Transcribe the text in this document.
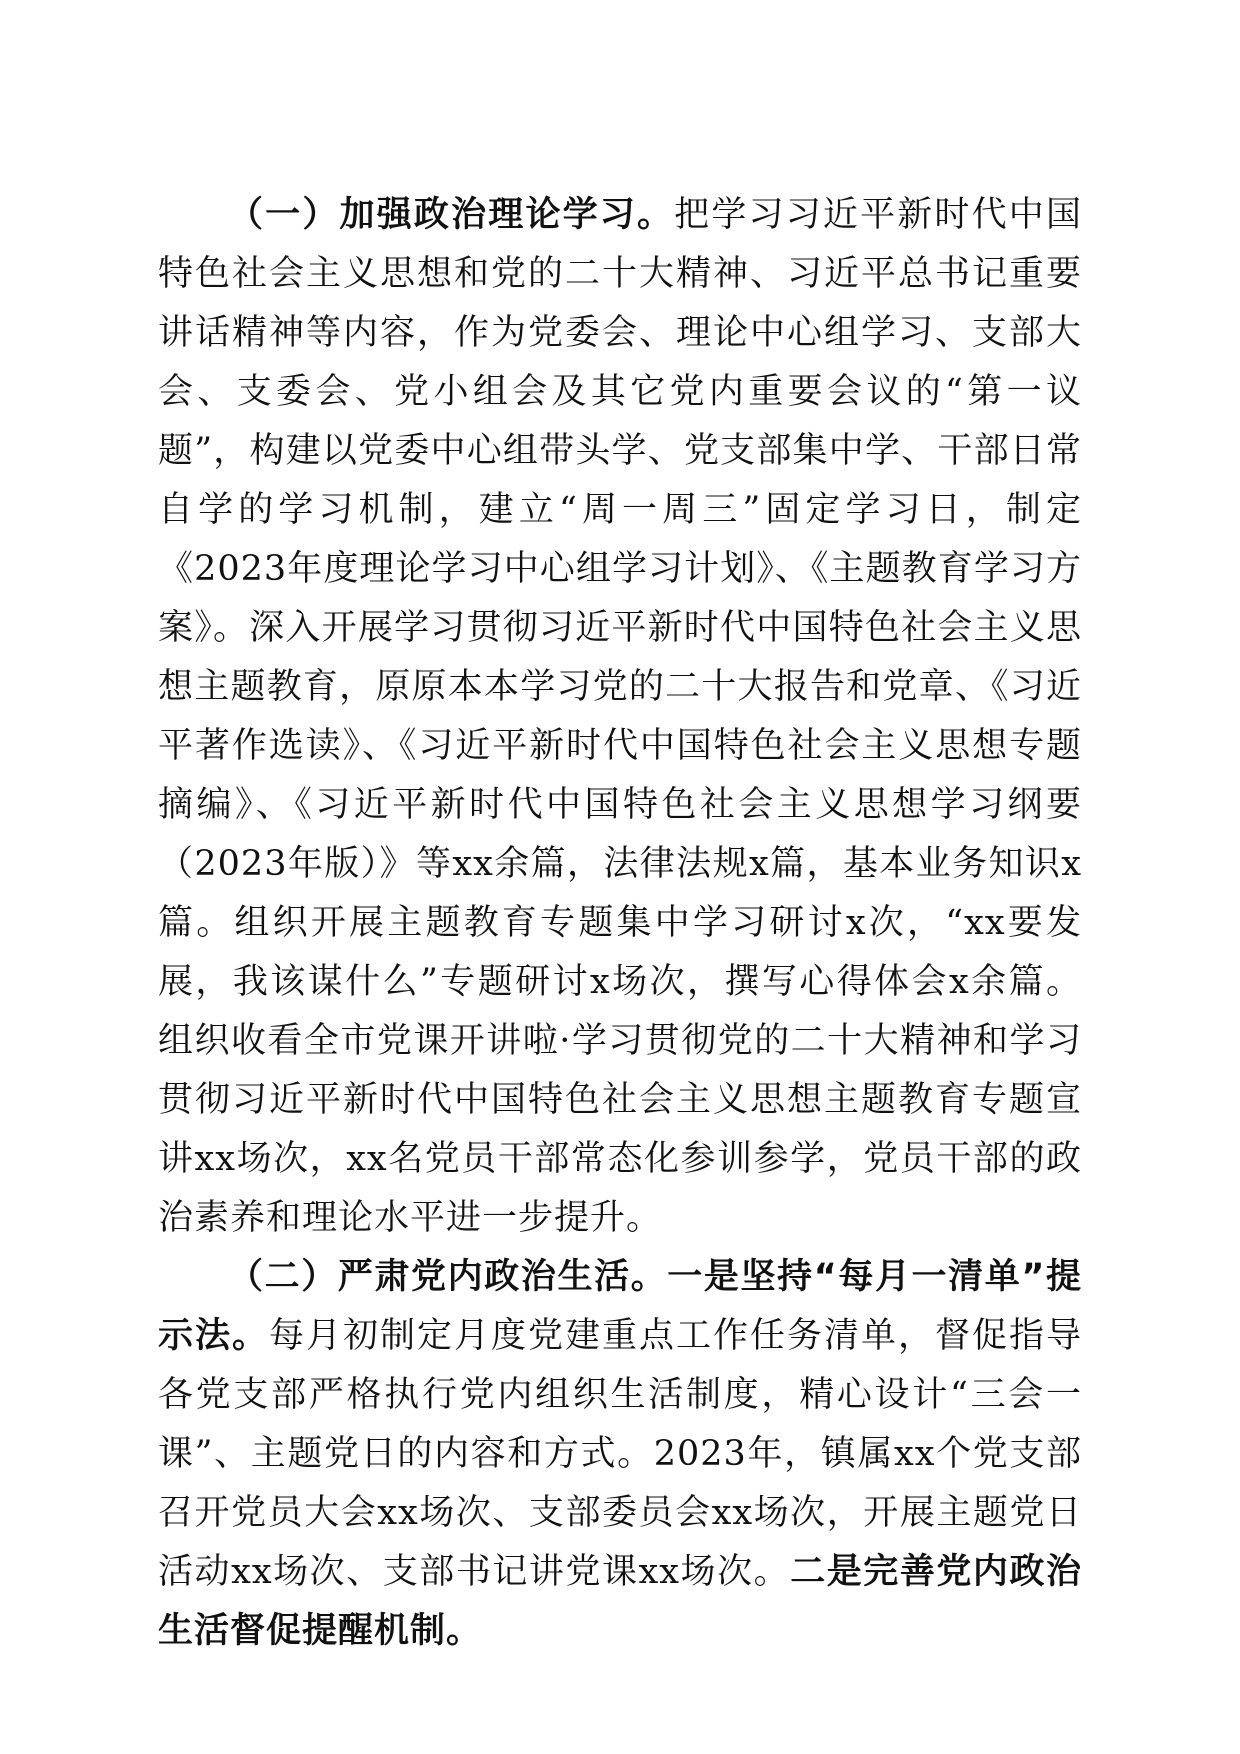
（一）加强政治理论学习。把学习习近平新时代中国特色社会主义思想和党的二十大精神、习近平总书记重要讲话精神等内容，作为党委会、理论中心组学习、支部大会、支委会、党小组会及其它党内重要会议的“第一议题”，构建以党委中心组带头学、党支部集中学、干部日常自学的学习机制，建立“周一周三”固定学习日，制定《2023年度理论学习中心组学习计划》、《主题教育学习方案》。深入开展学习贯彻习近平新时代中国特色社会主义思想主题教育，原原本本学习党的二十大报告和党章、《习近平著作选读》、《习近平新时代中国特色社会主义思想专题摘编》、《习近平新时代中国特色社会主义思想学习纲要（2023年版）》等xx余篇，法律法规x篇，基本业务知识x篇。组织开展主题教育专题集中学习研讨x次，“xx要发展，我该谋什么”专题研讨x场次，撰写心得体会x余篇。组织收看全市党课开讲啦·学习贯彻党的二十大精神和学习贯彻习近平新时代中国特色社会主义思想主题教育专题宣讲xx场次，xx名党员干部常态化参训参学，党员干部的政治素养和理论水平进一步提升。

（二）严肃党内政治生活。一是坚持“每月一清单”提示法。每月初制定月度党建重点工作任务清单，督促指导各党支部严格执行党内组织生活制度，精心设计“三会一课”、主题党日的内容和方式。2023年，镇属xx个党支部召开党员大会xx场次、支部委员会xx场次，开展主题党日活动xx场次、支部书记讲党课xx场次。二是完善党内政治生活督促提醒机制。
